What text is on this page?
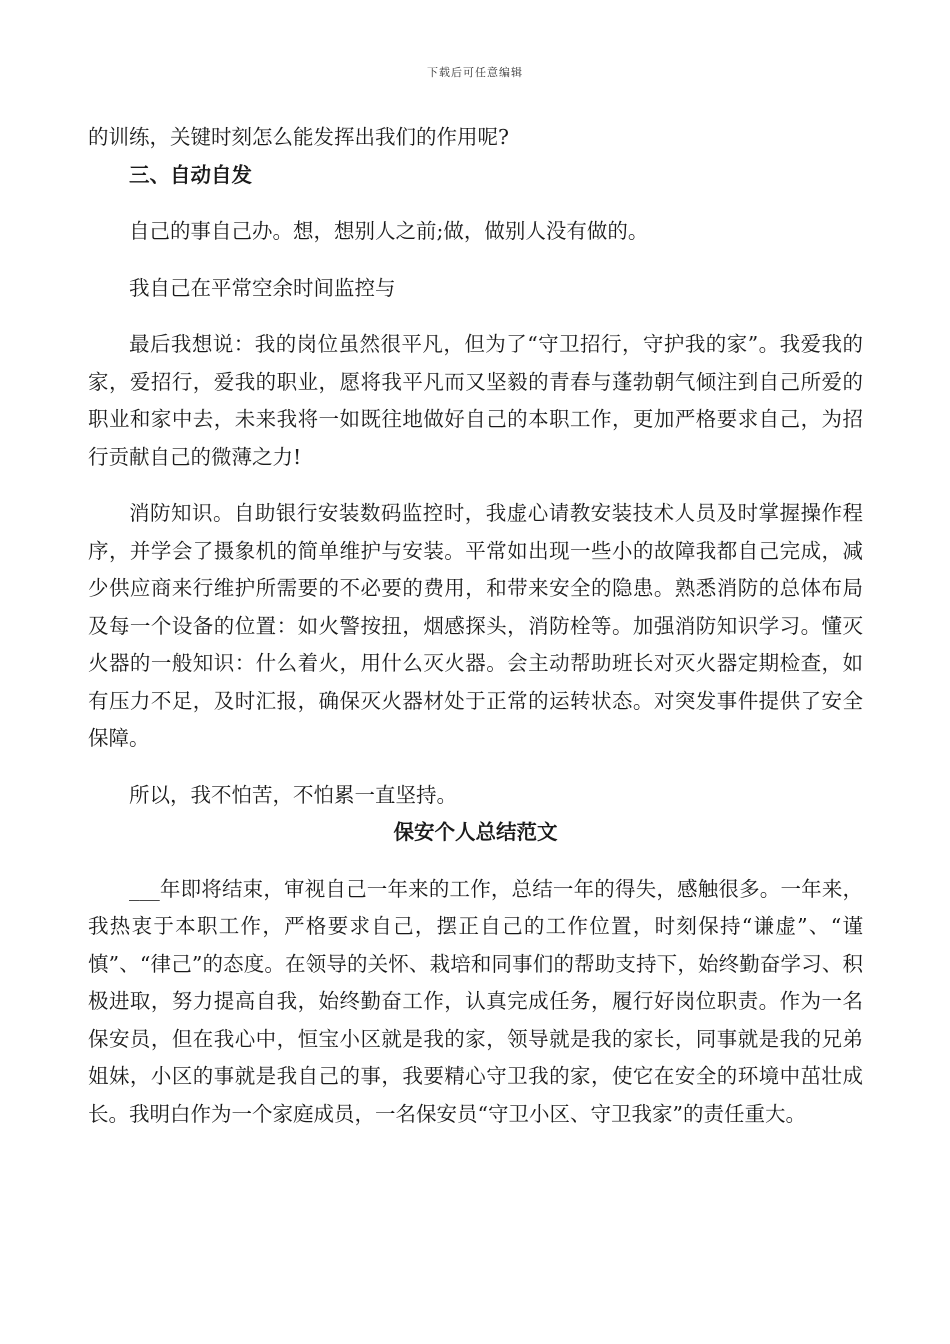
下载后可任意编辑

的训练，关键时刻怎么能发挥出我们的作用呢?

三、自动自发

自己的事自己办。想，想别人之前;做，做别人没有做的。

我自己在平常空余时间监控与

最后我想说：我的岗位虽然很平凡，但为了“守卫招行，守护我的家”。我爱我的家，爱招行，爱我的职业，愿将我平凡而又坚毅的青春与蓬勃朝气倾注到自己所爱的职业和家中去，未来我将一如既往地做好自己的本职工作，更加严格要求自己，为招行贡献自己的微薄之力!

消防知识。自助银行安装数码监控时，我虚心请教安装技术人员及时掌握操作程序，并学会了摄象机的简单维护与安装。平常如出现一些小的故障我都自己完成，减少供应商来行维护所需要的不必要的费用，和带来安全的隐患。熟悉消防的总体布局及每一个设备的位置：如火警按扭，烟感探头，消防栓等。加强消防知识学习。懂灭火器的一般知识：什么着火，用什么灭火器。会主动帮助班长对灭火器定期检查，如有压力不足，及时汇报，确保灭火器材处于正常的运转状态。对突发事件提供了安全保障。

所以，我不怕苦，不怕累一直坚持。

保安个人总结范文

___年即将结束，审视自己一年来的工作，总结一年的得失，感触很多。一年来，我热衷于本职工作，严格要求自己，摆正自己的工作位置，时刻保持“谦虚”、“谨慎”、“律己”的态度。在领导的关怀、栽培和同事们的帮助支持下，始终勤奋学习、积极进取，努力提高自我，始终勤奋工作，认真完成任务，履行好岗位职责。作为一名保安员，但在我心中，恒宝小区就是我的家，领导就是我的家长，同事就是我的兄弟姐妹，小区的事就是我自己的事，我要精心守卫我的家，使它在安全的环境中茁壮成长。我明白作为一个家庭成员，一名保安员“守卫小区、守卫我家”的责任重大。
